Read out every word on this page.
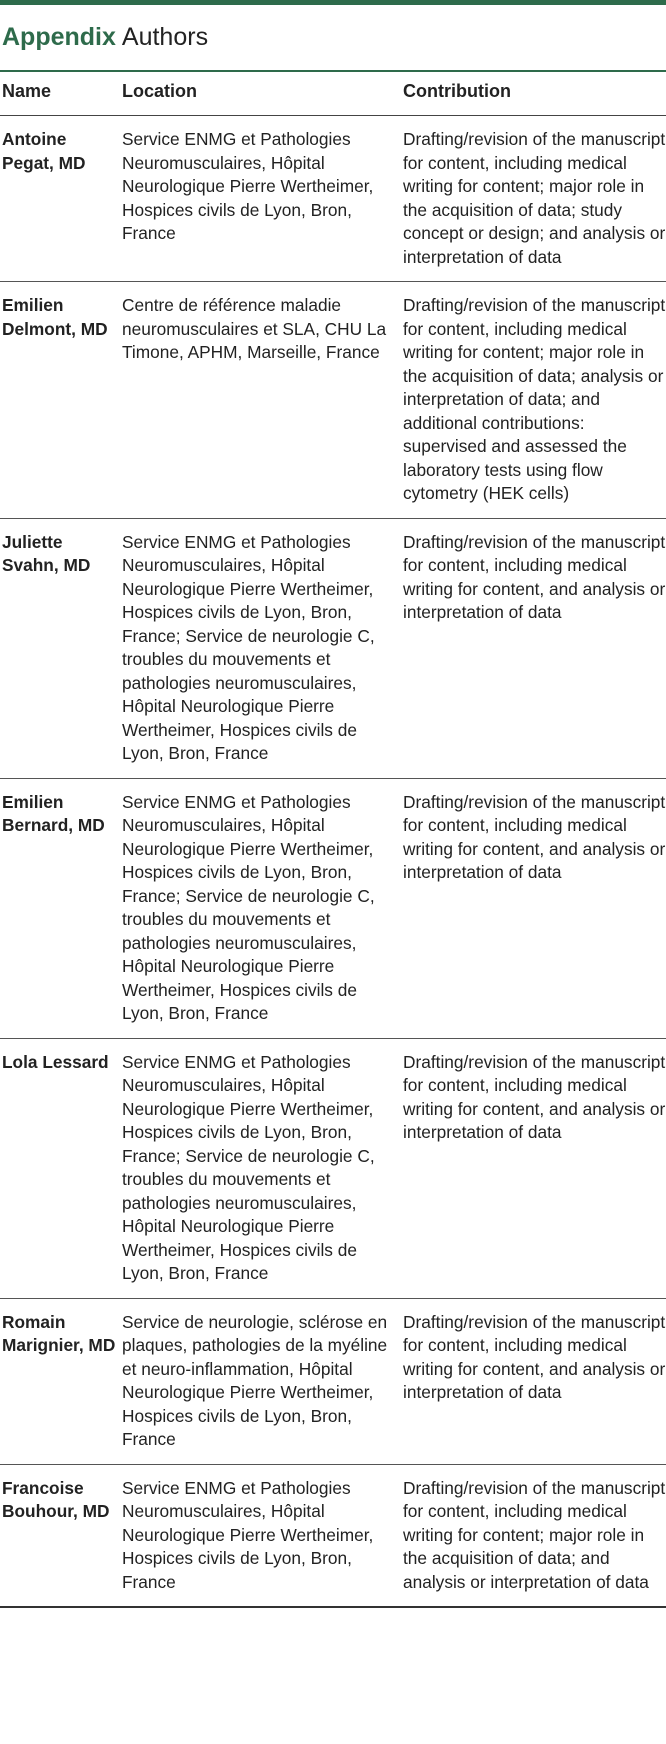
Appendix Authors
Name	Location	Contribution
Antoine Pegat, MD	Service ENMG et Pathologies Neuromusculaires, Hôpital Neurologique Pierre Wertheimer, Hospices civils de Lyon, Bron, France	Drafting/revision of the manuscript for content, including medical writing for content; major role in the acquisition of data; study concept or design; and analysis or interpretation of data
Emilien Delmont, MD	Centre de référence maladie neuromusculaires et SLA, CHU La Timone, APHM, Marseille, France	Drafting/revision of the manuscript for content, including medical writing for content; major role in the acquisition of data; analysis or interpretation of data; and additional contributions: supervised and assessed the laboratory tests using flow cytometry (HEK cells)
Juliette Svahn, MD	Service ENMG et Pathologies Neuromusculaires, Hôpital Neurologique Pierre Wertheimer, Hospices civils de Lyon, Bron, France; Service de neurologie C, troubles du mouvements et pathologies neuromusculaires, Hôpital Neurologique Pierre Wertheimer, Hospices civils de Lyon, Bron, France	Drafting/revision of the manuscript for content, including medical writing for content, and analysis or interpretation of data
Emilien Bernard, MD	Service ENMG et Pathologies Neuromusculaires, Hôpital Neurologique Pierre Wertheimer, Hospices civils de Lyon, Bron, France; Service de neurologie C, troubles du mouvements et pathologies neuromusculaires, Hôpital Neurologique Pierre Wertheimer, Hospices civils de Lyon, Bron, France	Drafting/revision of the manuscript for content, including medical writing for content, and analysis or interpretation of data
Lola Lessard	Service ENMG et Pathologies Neuromusculaires, Hôpital Neurologique Pierre Wertheimer, Hospices civils de Lyon, Bron, France; Service de neurologie C, troubles du mouvements et pathologies neuromusculaires, Hôpital Neurologique Pierre Wertheimer, Hospices civils de Lyon, Bron, France	Drafting/revision of the manuscript for content, including medical writing for content, and analysis or interpretation of data
Romain Marignier, MD	Service de neurologie, sclérose en plaques, pathologies de la myéline et neuro-inflammation, Hôpital Neurologique Pierre Wertheimer, Hospices civils de Lyon, Bron, France	Drafting/revision of the manuscript for content, including medical writing for content, and analysis or interpretation of data
Francoise Bouhour, MD	Service ENMG et Pathologies Neuromusculaires, Hôpital Neurologique Pierre Wertheimer, Hospices civils de Lyon, Bron, France	Drafting/revision of the manuscript for content, including medical writing for content; major role in the acquisition of data; and analysis or interpretation of data
